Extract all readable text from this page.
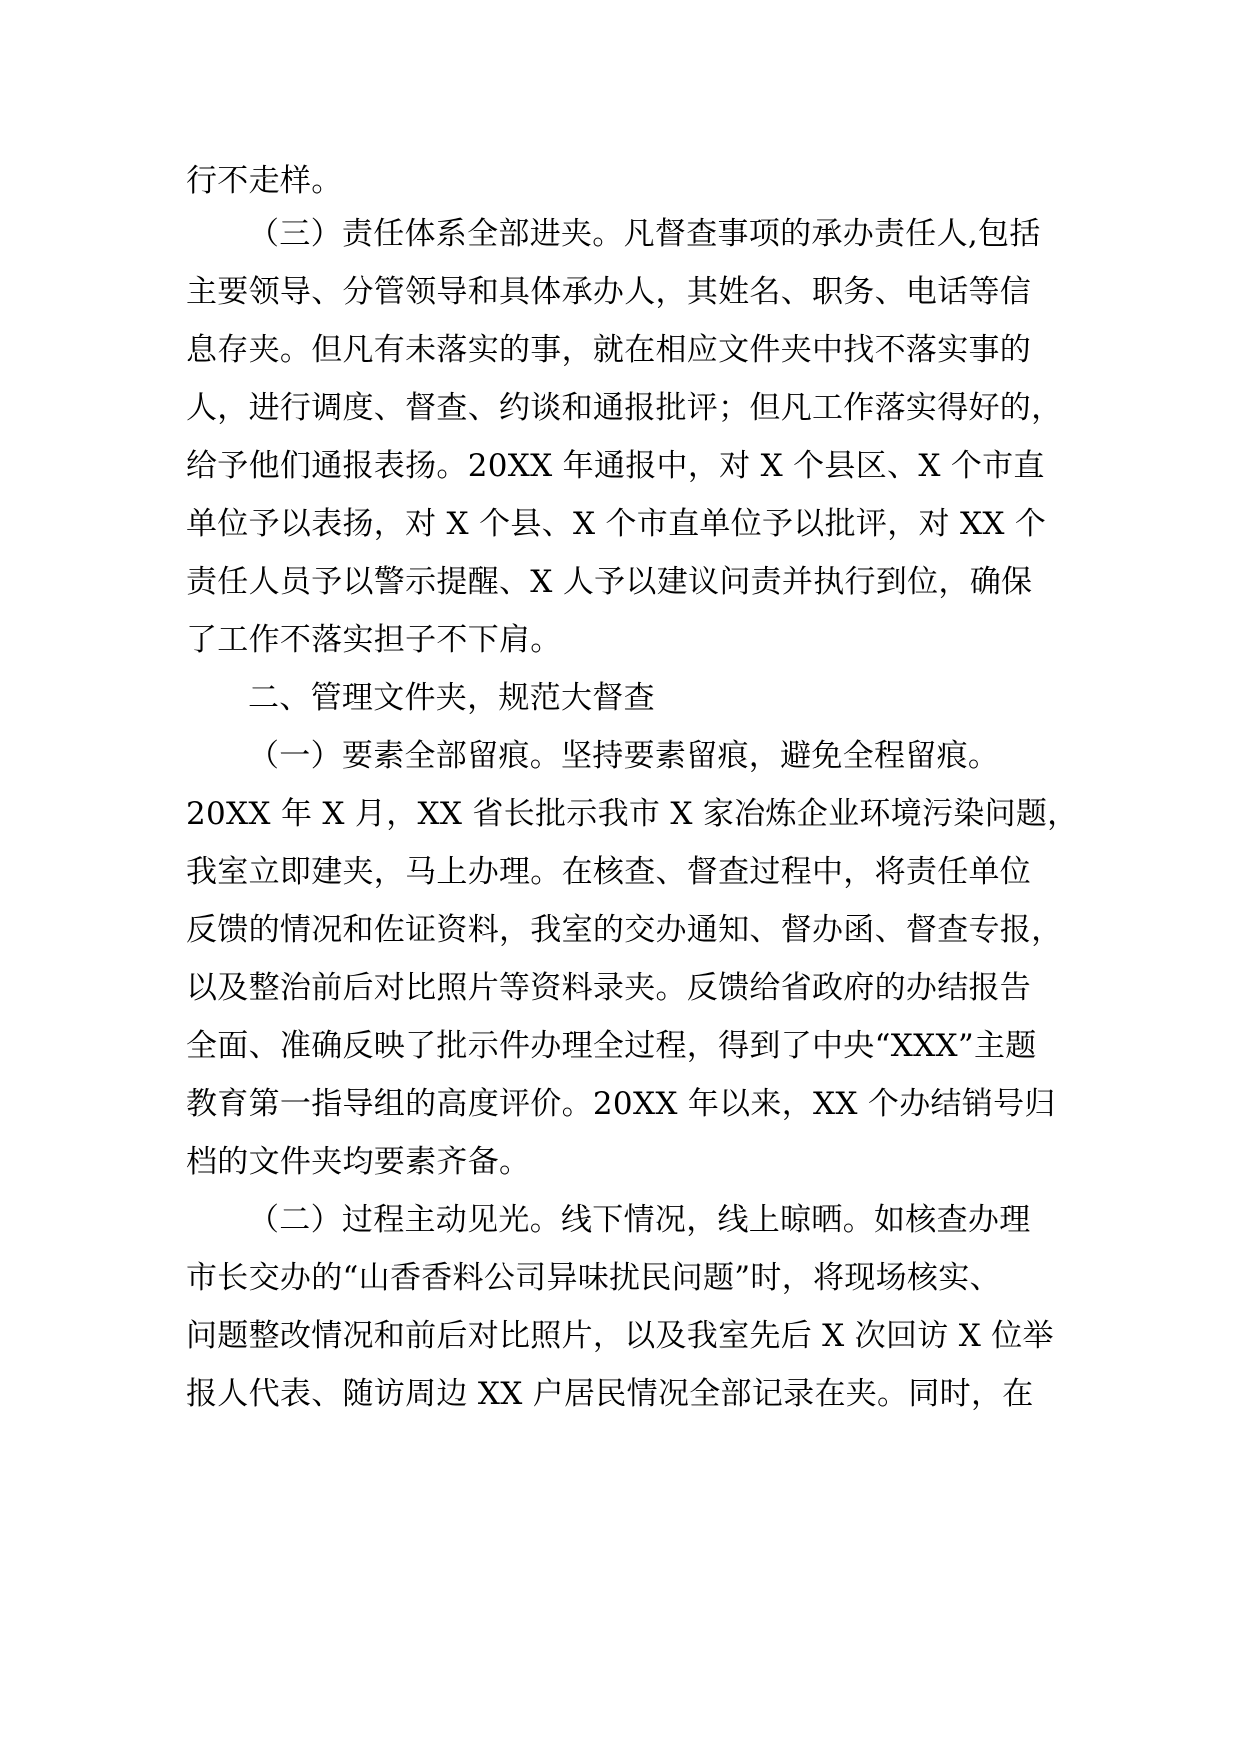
行不走样。
（三）责任体系全部进夹。凡督查事项的承办责任人,包括
主要领导、分管领导和具体承办人，其姓名、职务、电话等信
息存夹。但凡有未落实的事，就在相应文件夹中找不落实事的
人，进行调度、督查、约谈和通报批评；但凡工作落实得好的，
给予他们通报表扬。20XX 年通报中，对 X 个县区、X 个市直
单位予以表扬，对 X 个县、X 个市直单位予以批评，对 XX 个
责任人员予以警示提醒、X 人予以建议问责并执行到位，确保
了工作不落实担子不下肩。
二、管理文件夹，规范大督查
（一）要素全部留痕。坚持要素留痕，避免全程留痕。
20XX 年 X 月，XX 省长批示我市 X 家冶炼企业环境污染问题，
我室立即建夹，马上办理。在核查、督查过程中，将责任单位
反馈的情况和佐证资料，我室的交办通知、督办函、督查专报，
以及整治前后对比照片等资料录夹。反馈给省政府的办结报告
全面、准确反映了批示件办理全过程，得到了中央“XXX”主题
教育第一指导组的高度评价。20XX 年以来，XX 个办结销号归
档的文件夹均要素齐备。
（二）过程主动见光。线下情况，线上晾晒。如核查办理
市长交办的“山香香料公司异味扰民问题”时，将现场核实、
问题整改情况和前后对比照片，以及我室先后 X 次回访 X 位举
报人代表、随访周边 XX 户居民情况全部记录在夹。同时，在
